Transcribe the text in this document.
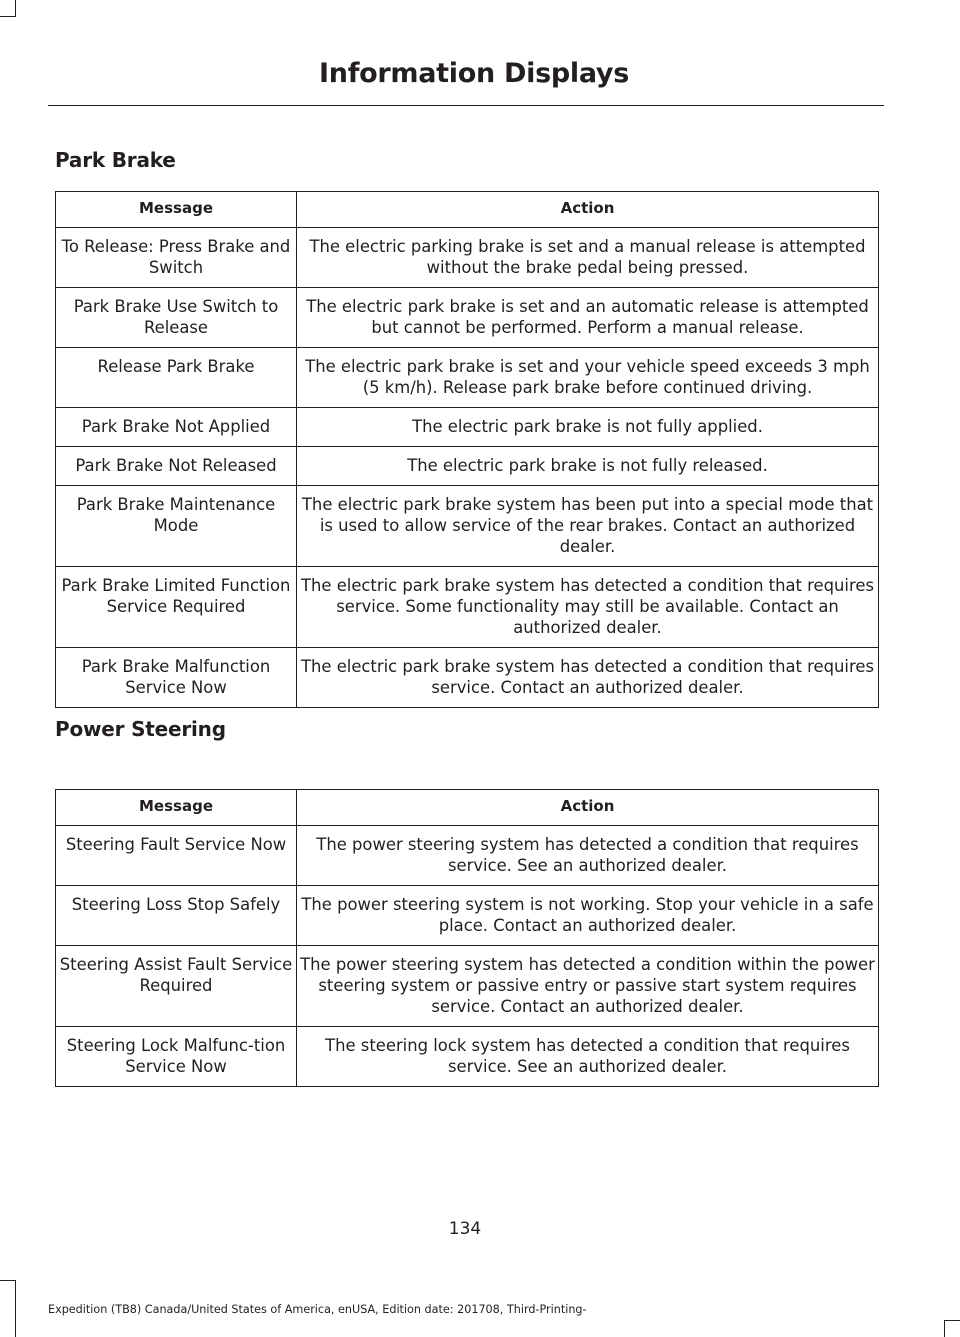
Information Displays
Park Brake
Message	Action
To Release: Press Brake and Switch	The electric parking brake is set and a manual release is attempted without the brake pedal being pressed.
Park Brake Use Switch to Release	The electric park brake is set and an automatic release is attempted but cannot be performed. Perform a manual release.
Release Park Brake	The electric park brake is set and your vehicle speed exceeds 3 mph (5 km/h). Release park brake before continued driving.
Park Brake Not Applied	The electric park brake is not fully applied.
Park Brake Not Released	The electric park brake is not fully released.
Park Brake Maintenance Mode	The electric park brake system has been put into a special mode that is used to allow service of the rear brakes. Contact an authorized dealer.
Park Brake Limited Function Service Required	The electric park brake system has detected a condition that requires service. Some functionality may still be available. Contact an authorized dealer.
Park Brake Malfunction Service Now	The electric park brake system has detected a condition that requires service. Contact an authorized dealer.
Power Steering
Message	Action
Steering Fault Service Now	The power steering system has detected a condition that requires service. See an authorized dealer.
Steering Loss Stop Safely	The power steering system is not working. Stop your vehicle in a safe place. Contact an authorized dealer.
Steering Assist Fault Service Required	The power steering system has detected a condition within the power steering system or passive entry or passive start system requires service. Contact an authorized dealer.
Steering Lock Malfunc-tion Service Now	The steering lock system has detected a condition that requires service. See an authorized dealer.
134
Expedition (TB8) Canada/United States of America, enUSA, Edition date: 201708, Third-Printing-
